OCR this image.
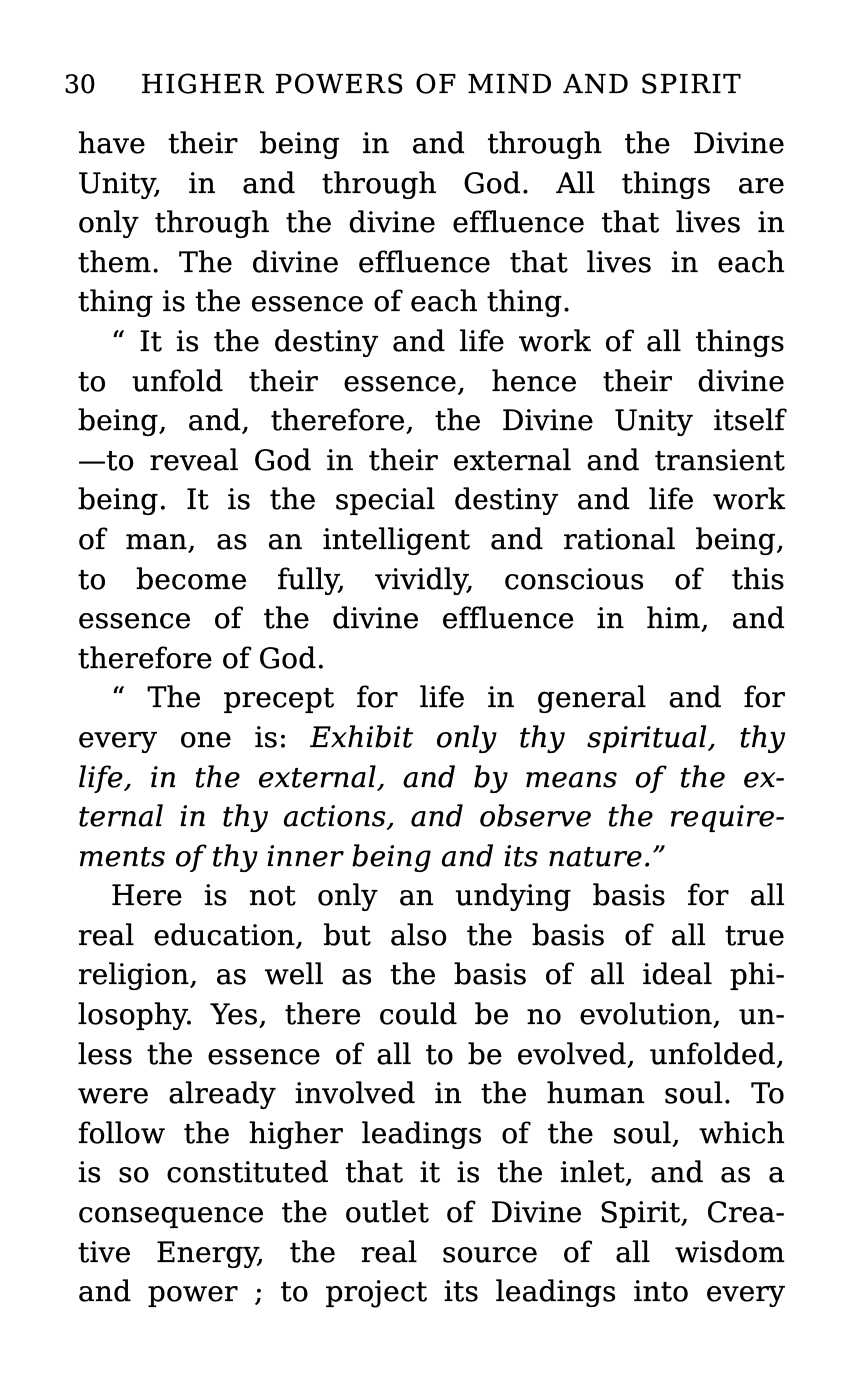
30 HIGHER POWERS OF MIND AND SPIRIT
have their being in and through the Divine
Unity, in and through God. All things are
only through the divine effluence that lives in
them. The divine effluence that lives in each
thing is the essence of each thing.
“ It is the destiny and life work of all things
to unfold their essence, hence their divine
being, and, therefore, the Divine Unity itself
—to reveal God in their external and transient
being. It is the special destiny and life work
of man, as an intelligent and rational being,
to become fully, vividly, conscious of this
essence of the divine effluence in him, and
therefore of God.
“ The precept for life in general and for
every one is: Exhibit only thy spiritual, thy
life, in the external, and by means of the ex-
ternal in thy actions, and observe the require-
ments of thy inner being and its nature.”
Here is not only an undying basis for all
real education, but also the basis of all true
religion, as well as the basis of all ideal phi-
losophy. Yes, there could be no evolution, un-
less the essence of all to be evolved, unfolded,
were already involved in the human soul. To
follow the higher leadings of the soul, which
is so constituted that it is the inlet, and as a
consequence the outlet of Divine Spirit, Crea-
tive Energy, the real source of all wisdom
and power ; to project its leadings into every
